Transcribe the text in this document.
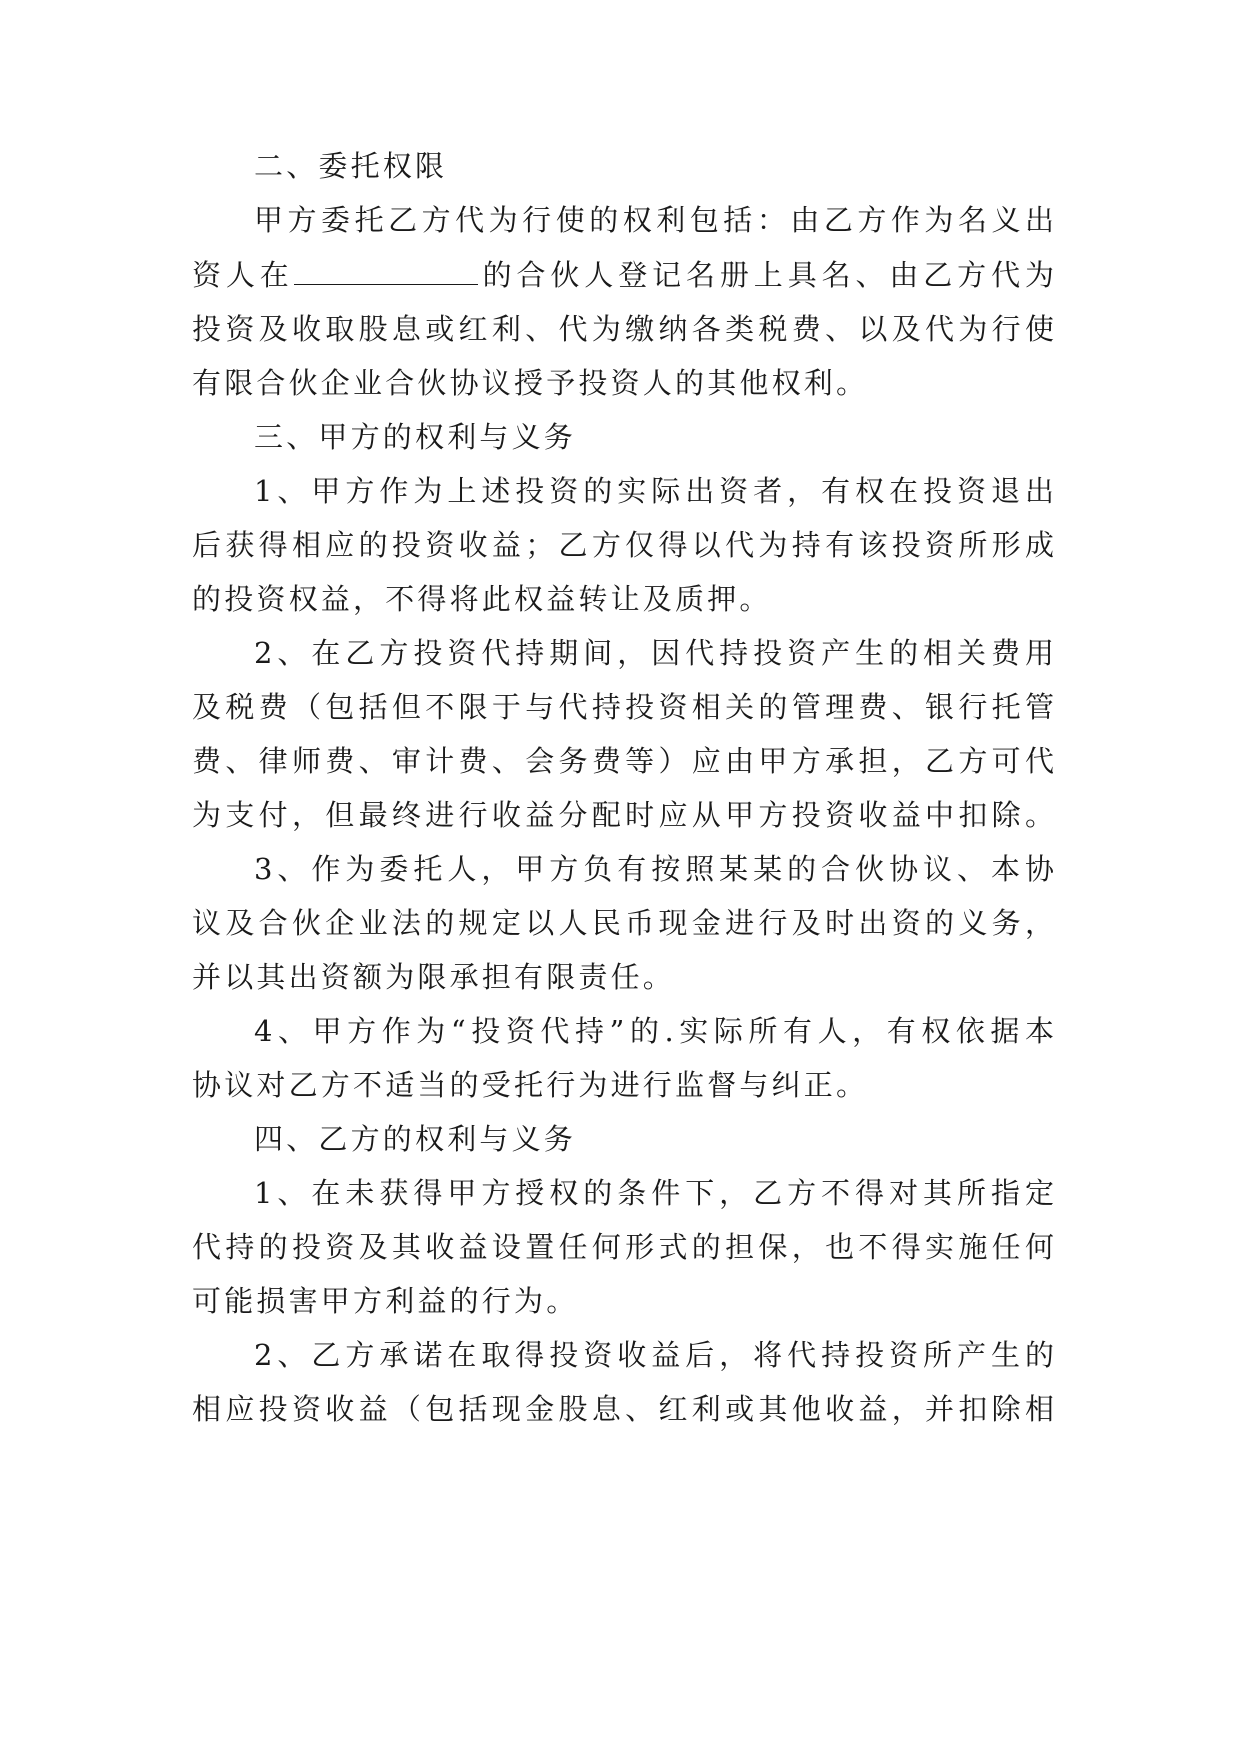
二、委托权限
甲方委托乙方代为行使的权利包括：由乙方作为名义出
资人在	的合伙人登记名册上具名、由乙方代为
投资及收取股息或红利、代为缴纳各类税费、以及代为行使
有限合伙企业合伙协议授予投资人的其他权利。
三、甲方的权利与义务
1、甲方作为上述投资的实际出资者，有权在投资退出
后获得相应的投资收益；乙方仅得以代为持有该投资所形成
的投资权益，不得将此权益转让及质押。
2、在乙方投资代持期间，因代持投资产生的相关费用
及税费（包括但不限于与代持投资相关的管理费、银行托管
费、律师费、审计费、会务费等）应由甲方承担，乙方可代
为支付，但最终进行收益分配时应从甲方投资收益中扣除。
3、作为委托人，甲方负有按照某某的合伙协议、本协
议及合伙企业法的规定以人民币现金进行及时出资的义务，
并以其出资额为限承担有限责任。
4、甲方作为“投资代持”的.实际所有人，有权依据本
协议对乙方不适当的受托行为进行监督与纠正。
四、乙方的权利与义务
1、在未获得甲方授权的条件下，乙方不得对其所指定
代持的投资及其收益设置任何形式的担保，也不得实施任何
可能损害甲方利益的行为。
2、乙方承诺在取得投资收益后，将代持投资所产生的
相应投资收益（包括现金股息、红利或其他收益，并扣除相
